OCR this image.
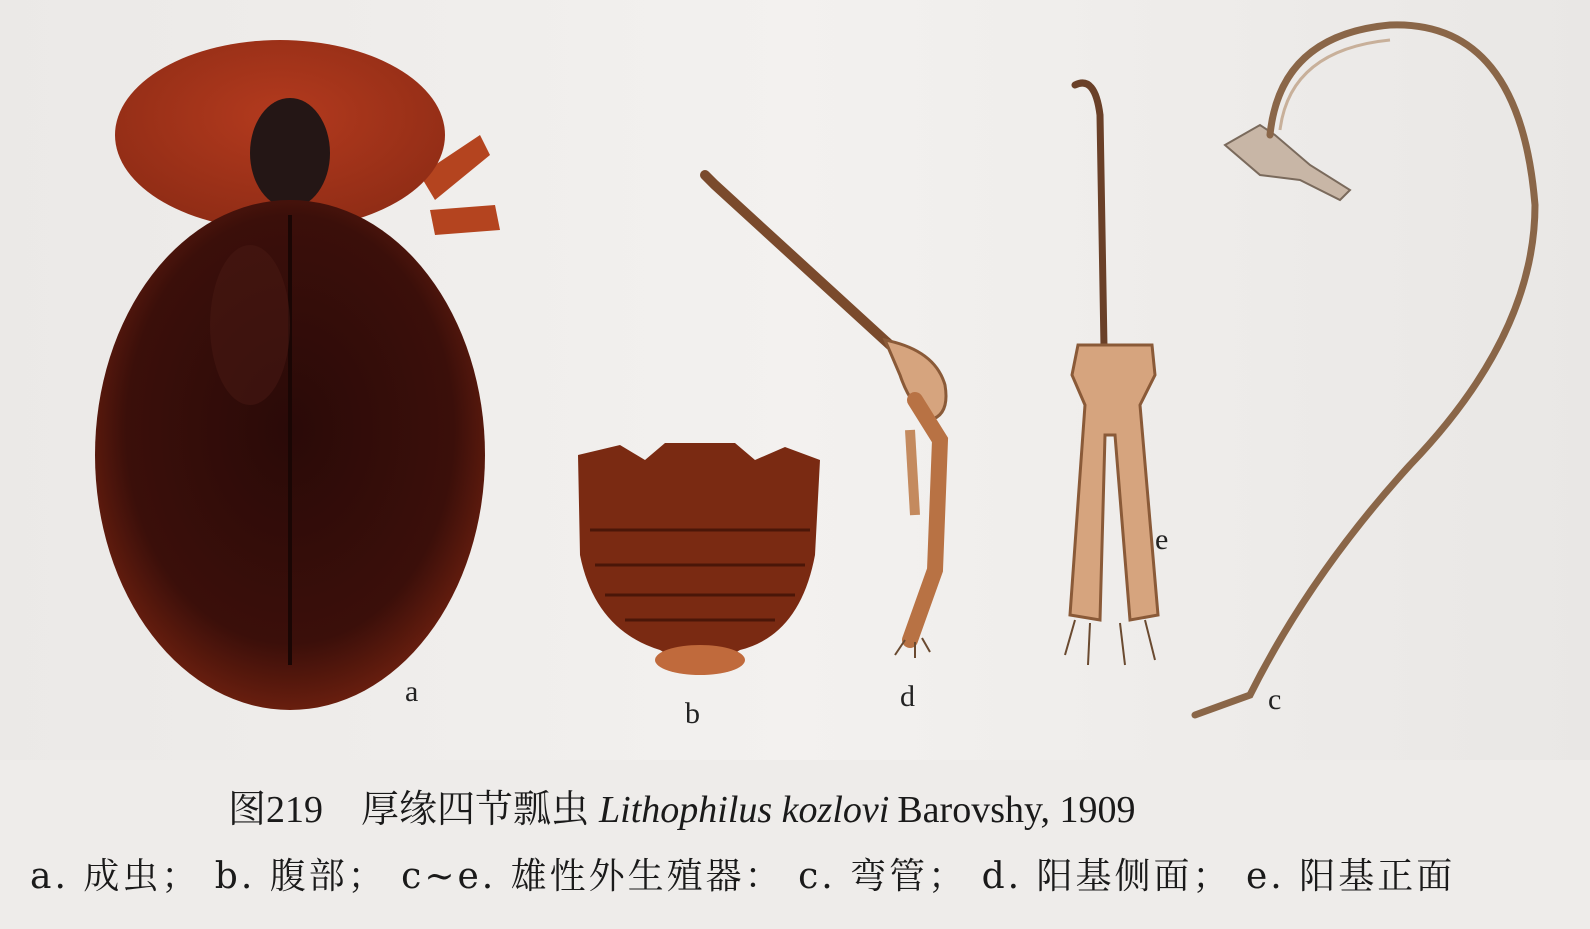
a
b
d
e
c
图219 厚缘四节瓢虫 Lithophilus kozlovi Barovshy, 1909
a. 成虫； b. 腹部； c~e. 雄性外生殖器： c. 弯管； d. 阳基侧面； e. 阳基正面
